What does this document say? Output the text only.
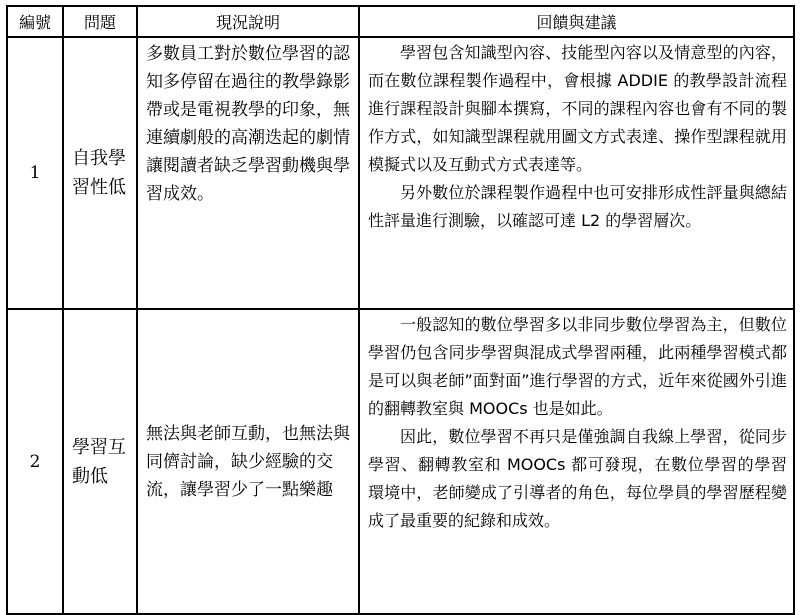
編號	問題	現況說明	回饋與建議
1	自我學習性低	多數員工對於數位學習的認知多停留在過往的教學錄影帶或是電視教學的印象，無連續劇般的高潮迭起的劇情讓閱讀者缺乏學習動機與學習成效。	學習包含知識型內容、技能型內容以及情意型的內容，而在數位課程製作過程中，會根據 ADDIE 的教學設計流程進行課程設計與腳本撰寫，不同的課程內容也會有不同的製作方式，如知識型課程就用圖文方式表達、操作型課程就用模擬式以及互動式方式表達等。

另外數位於課程製作過程中也可安排形成性評量與總結性評量進行測驗，以確認可達 L2 的學習層次。

2	學習互動低	無法與老師互動，也無法與同儕討論，缺少經驗的交流，讓學習少了一點樂趣	一般認知的數位學習多以非同步數位學習為主，但數位學習仍包含同步學習與混成式學習兩種，此兩種學習模式都是可以與老師”面對面”進行學習的方式，近年來從國外引進的翻轉教室與 MOOCs 也是如此。

因此，數位學習不再只是僅強調自我線上學習，從同步學習、翻轉教室和 MOOCs 都可發現，在數位學習的學習環境中，老師變成了引導者的角色，每位學員的學習歷程變成了最重要的紀錄和成效。
